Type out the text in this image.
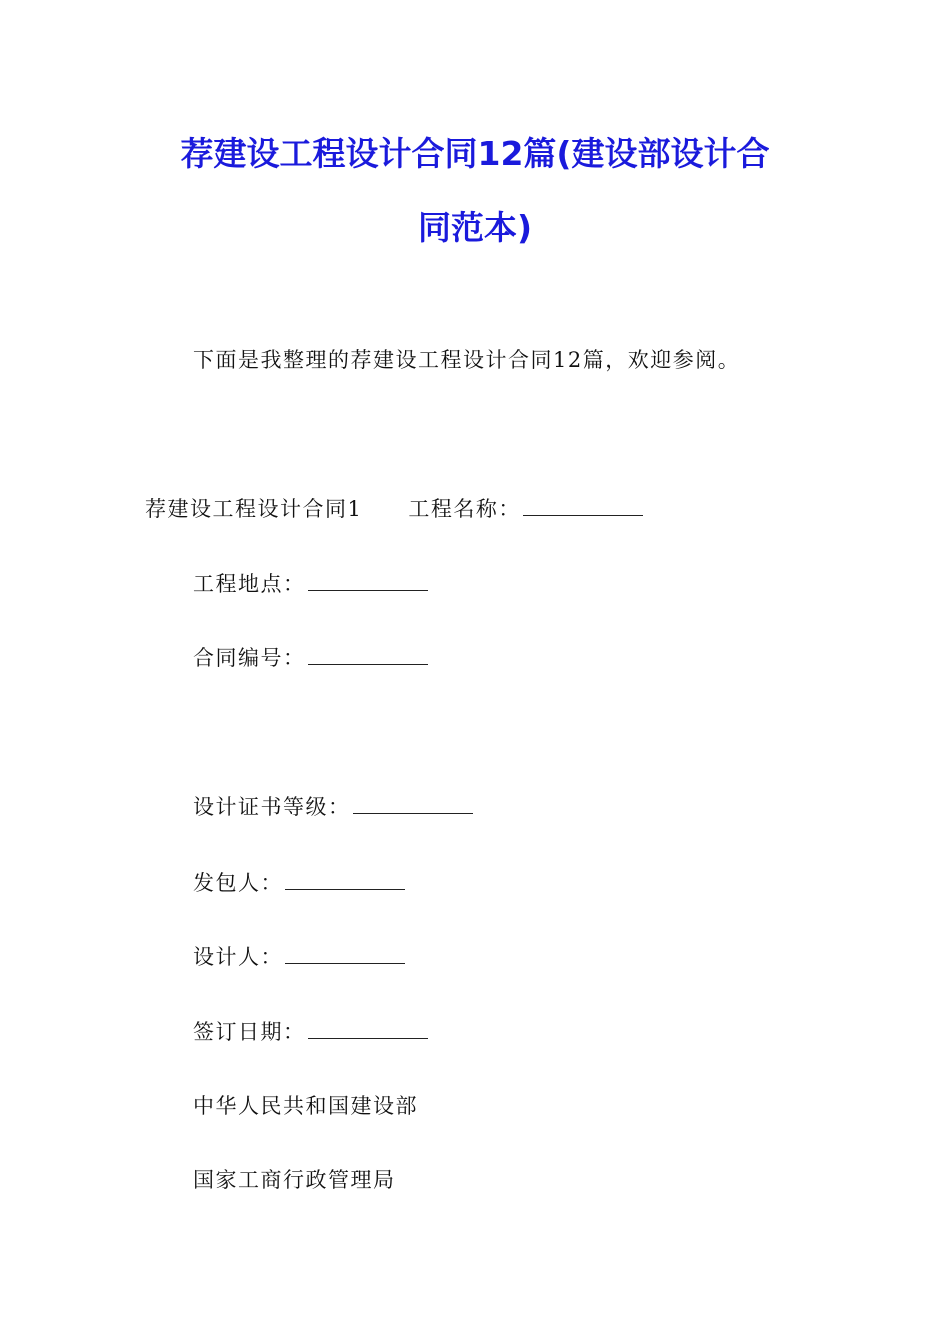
荐建设工程设计合同12篇(建设部设计合
同范本)
下面是我整理的荐建设工程设计合同12篇，欢迎参阅。
荐建设工程设计合同1 工程名称：
工程地点：
合同编号：
设计证书等级：
发包人：
设计人：
签订日期：
中华人民共和国建设部
国家工商行政管理局
